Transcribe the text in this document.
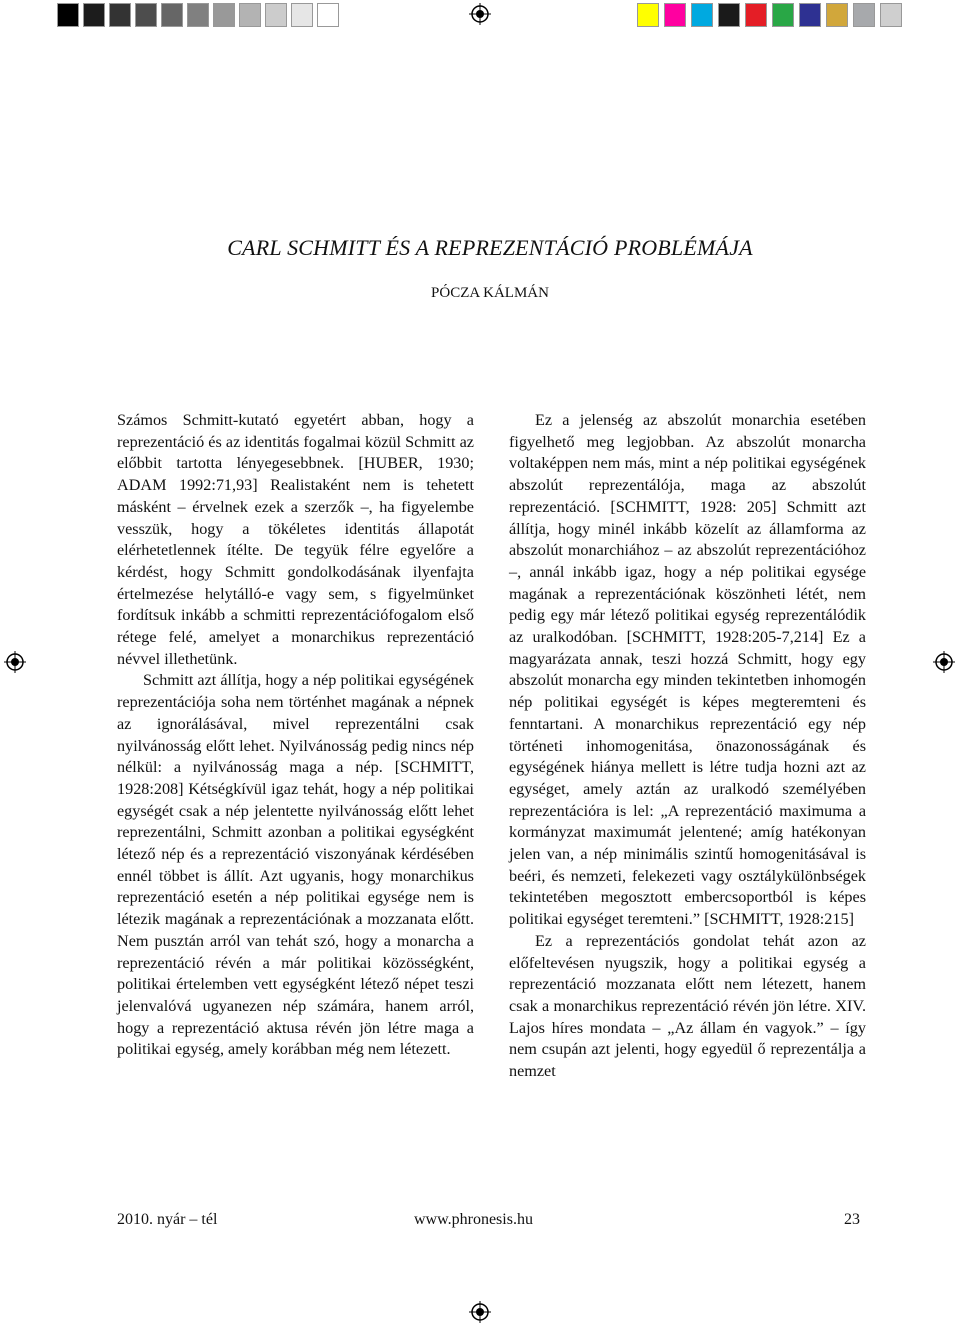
CARL SCHMITT ÉS A REPREZENTÁCIÓ PROBLÉMÁJA
PÓCZA KÁLMÁN

Számos Schmitt-kutató egyetért abban, hogy a reprezentáció és az identitás fogalmai közül Schmitt az előbbit tartotta lényegesebbnek. [HUBER, 1930; ADAM 1992:71,93] Realistaként nem is tehetett másként – érvelnek ezek a szerzők –, ha figyelembe vesszük, hogy a tökéletes identitás állapotát elérhetetlennek ítélte. De tegyük félre egyelőre a kérdést, hogy Schmitt gondolkodásának ilyenfajta értelmezése helytálló-e vagy sem, s figyelmünket fordítsuk inkább a schmitti reprezentációfogalom első rétege felé, amelyet a monarchikus reprezentáció névvel illethetünk.

Schmitt azt állítja, hogy a nép politikai egységének reprezentációja soha nem történhet magának a népnek az ignorálásával, mivel reprezentálni csak nyilvánosság előtt lehet. Nyilvánosság pedig nincs nép nélkül: a nyilvánosság maga a nép. [SCHMITT, 1928:208] Kétségkívül igaz tehát, hogy a nép politikai egységét csak a nép jelentette nyilvánosság előtt lehet reprezentálni, Schmitt azonban a politikai egységként létező nép és a reprezentáció viszonyának kérdésében ennél többet is állít. Azt ugyanis, hogy monarchikus reprezentáció esetén a nép politikai egysége nem is létezik magának a reprezentációnak a mozzanata előtt. Nem pusztán arról van tehát szó, hogy a monarcha a reprezentáció révén a már politikai közösségként, politikai értelemben vett egységként létező népet teszi jelenvalóvá ugyanezen nép számára, hanem arról, hogy a reprezentáció aktusa révén jön létre maga a politikai egység, amely korábban még nem létezett.

Ez a jelenség az abszolút monarchia esetében figyelhető meg legjobban. Az abszolút monarcha voltaképpen nem más, mint a nép politikai egységének abszolút reprezentálója, maga az abszolút reprezentáció. [SCHMITT, 1928: 205] Schmitt azt állítja, hogy minél inkább közelít az államforma az abszolút monarchiához – az abszolút reprezentációhoz –, annál inkább igaz, hogy a nép politikai egysége magának a reprezentációnak köszönheti létét, nem pedig egy már létező politikai egység reprezentálódik az uralkodóban. [SCHMITT, 1928:205-7,214] Ez a magyarázata annak, teszi hozzá Schmitt, hogy egy abszolút monarcha egy minden tekintetben inhomogén nép politikai egységét is képes megteremteni és fenntartani. A monarchikus reprezentáció egy nép történeti inhomogenitása, önazonosságának és egységének hiánya mellett is létre tudja hozni azt az egységet, amely aztán az uralkodó személyében reprezentációra is lel: „A reprezentáció maximuma a kormányzat maximumát jelentené; amíg hatékonyan jelen van, a nép minimális szintű homogenitásával is beéri, és nemzeti, felekezeti vagy osztálykülönbségek tekintetében megosztott embercsoportból is képes politikai egységet teremteni.” [SCHMITT, 1928:215]

Ez a reprezentációs gondolat tehát azon az előfeltevésen nyugszik, hogy a politikai egység a reprezentáció mozzanata előtt nem létezett, hanem csak a monarchikus reprezentáció révén jön létre. XIV. Lajos híres mondata – „Az állam én vagyok.” – így nem csupán azt jelenti, hogy egyedül ő reprezentálja a nemzet

2010. nyár – tél	www.phronesis.hu	23
